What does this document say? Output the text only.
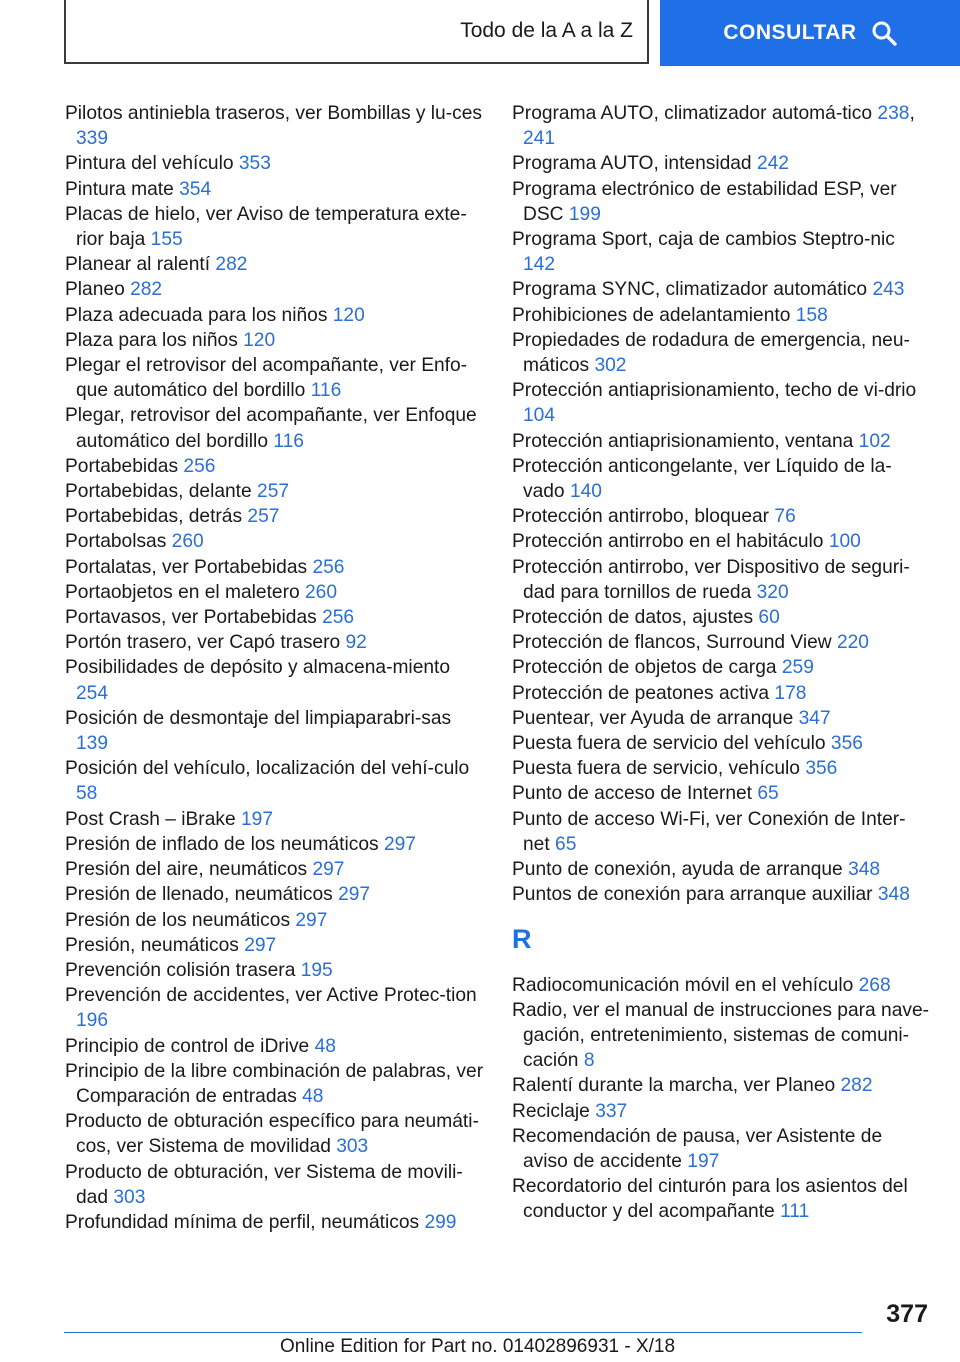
Todo de la A a la Z	CONSULTAR
Pilotos antiniebla traseros, ver Bombillas y lu-ces 339
Pintura del vehículo 353
Pintura mate 354
Placas de hielo, ver Aviso de temperatura exte-rior baja 155
Planear al ralentí 282
Planeo 282
Plaza adecuada para los niños 120
Plaza para los niños 120
Plegar el retrovisor del acompañante, ver Enfo-que automático del bordillo 116
Plegar, retrovisor del acompañante, ver Enfoque automático del bordillo 116
Portabebidas 256
Portabebidas, delante 257
Portabebidas, detrás 257
Portabolsas 260
Portalatas, ver Portabebidas 256
Portaobjetos en el maletero 260
Portavasos, ver Portabebidas 256
Portón trasero, ver Capó trasero 92
Posibilidades de depósito y almacena-miento 254
Posición de desmontaje del limpiaparabri-sas 139
Posición del vehículo, localización del vehí-culo 58
Post Crash – iBrake 197
Presión de inflado de los neumáticos 297
Presión del aire, neumáticos 297
Presión de llenado, neumáticos 297
Presión de los neumáticos 297
Presión, neumáticos 297
Prevención colisión trasera 195
Prevención de accidentes, ver Active Protec-tion 196
Principio de control de iDrive 48
Principio de la libre combinación de palabras, ver Comparación de entradas 48
Producto de obturación específico para neumáti-cos, ver Sistema de movilidad 303
Producto de obturación, ver Sistema de movili-dad 303
Profundidad mínima de perfil, neumáticos 299
Programa AUTO, climatizador automá-tico 238, 241
Programa AUTO, intensidad 242
Programa electrónico de estabilidad ESP, ver DSC 199
Programa Sport, caja de cambios Steptro-nic 142
Programa SYNC, climatizador automático 243
Prohibiciones de adelantamiento 158
Propiedades de rodadura de emergencia, neu-máticos 302
Protección antiaprisionamiento, techo de vi-drio 104
Protección antiaprisionamiento, ventana 102
Protección anticongelante, ver Líquido de la-vado 140
Protección antirrobo, bloquear 76
Protección antirrobo en el habitáculo 100
Protección antirrobo, ver Dispositivo de seguri-dad para tornillos de rueda 320
Protección de datos, ajustes 60
Protección de flancos, Surround View 220
Protección de objetos de carga 259
Protección de peatones activa 178
Puentear, ver Ayuda de arranque 347
Puesta fuera de servicio del vehículo 356
Puesta fuera de servicio, vehículo 356
Punto de acceso de Internet 65
Punto de acceso Wi-Fi, ver Conexión de Inter-net 65
Punto de conexión, ayuda de arranque 348
Puntos de conexión para arranque auxiliar 348
R
Radiocomunicación móvil en el vehículo 268
Radio, ver el manual de instrucciones para nave-gación, entretenimiento, sistemas de comuni-cación 8
Ralentí durante la marcha, ver Planeo 282
Reciclaje 337
Recomendación de pausa, ver Asistente de aviso de accidente 197
Recordatorio del cinturón para los asientos del conductor y del acompañante 111
377
Online Edition for Part no. 01402896931 - X/18
